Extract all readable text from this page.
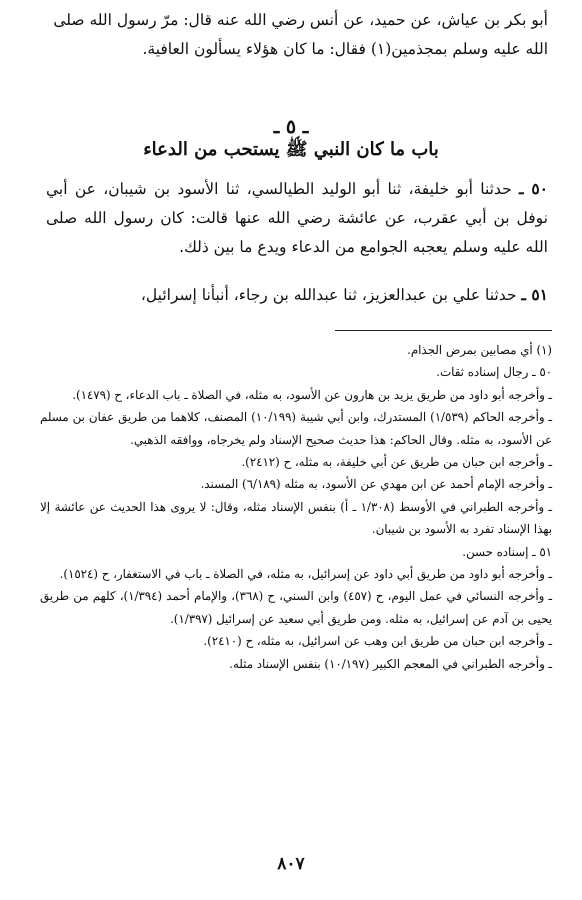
أبو بكر بن عياش، عن حميد، عن أنس رضي الله عنه قال: مرّ رسول الله صلى

الله عليه وسلم بمجذمين(١) فقال: ما كان هؤلاء يسألون العافية.

ـ ٥ ـ
باب ما كان النبي ﷺ يستحب من الدعاء

٥٠ ـ حدثنا أبو خليفة، ثنا أبو الوليد الطيالسي، ثنا الأسود بن شيبان، عن أبي نوفل بن أبي عقرب، عن عائشة رضي الله عنها قالت: كان رسول الله صلى الله عليه وسلم يعجبه الجوامع من الدعاء ويدع ما بين ذلك.

٥١ ـ حدثنا علي بن عبدالعزيز، ثنا عبدالله بن رجاء، أنبأنا إسرائيل،

(١) أي مصابين بمرض الجذام.

٥٠ ـ رجال إسناده ثقات.

ـ وأخرجه أبو داود من طريق يزيد بن هارون عن الأسود، به مثله، في الصلاة ـ باب الدعاء، ح (١٤٧٩).

ـ وأخرجه الحاكم (١/٥٣٩) المستدرك، وابن أبي شيبة (١٠/١٩٩) المصنف، كلاهما من طريق عفان بن مسلم عن الأسود، به مثله. وقال الحاكم: هذا حديث صحيح الإسناد ولم يخرجاه، ووافقه الذهبي.

ـ وأخرجه ابن حبان من طريق عن أبي خليفة، به مثله، ح (٢٤١٢).

ـ وأخرجه الإمام أحمد عن ابن مهدي عن الأسود، به مثله (٦/١٨٩) المسند.

ـ وأخرجه الطبراني في الأوسط (١/٣٠٨ ـ أ) بنفس الإسناد مثله، وقال: لا يروى هذا الحديث عن عائشة إلا بهذا الإسناد تفرد به الأسود بن شيبان.

٥١ ـ إسناده حسن.

ـ وأخرجه أبو داود من طريق أبي داود عن إسرائيل، به مثله، في الصلاة ـ باب في الاستغفار، ح (١٥٢٤).

ـ وأخرجه النسائي في عمل اليوم، ح (٤٥٧) وابن السني، ح (٣٦٨)، والإمام أحمد (١/٣٩٤)، كلهم من طريق يحيى بن آدم عن إسرائيل، به مثله. ومن طريق أبي سعيد عن إسرائيل (١/٣٩٧).

ـ وأخرجه ابن حبان من طريق ابن وهب عن اسرائيل، به مثله، ح (٢٤١٠).

ـ وأخرجه الطبراني في المعجم الكبير (١٠/١٩٧) بنفس الإسناد مثله.

٨٠٧
